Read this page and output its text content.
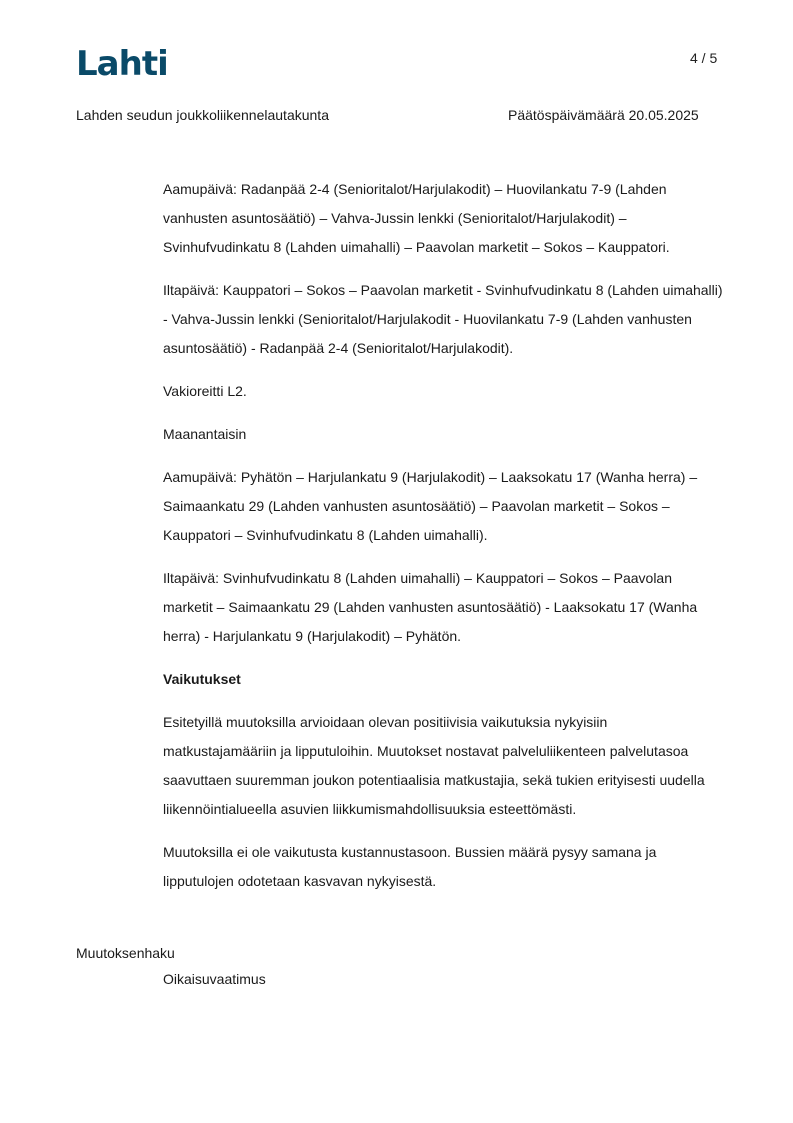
Lahti	4 / 5
Lahden seudun joukkoliikennelautakunta	Päätöspäivämäärä 20.05.2025

Aamupäivä: Radanpää 2-4 (Senioritalot/Harjulakodit) – Huovilankatu 7-9 (Lahden vanhusten asuntosäätiö) – Vahva-Jussin lenkki (Senioritalot/Harjulakodit) – Svinhufvudinkatu 8 (Lahden uimahalli) – Paavolan marketit – Sokos – Kauppatori.

Iltapäivä: Kauppatori – Sokos – Paavolan marketit - Svinhufvudinkatu 8 (Lahden uimahalli) - Vahva-Jussin lenkki (Senioritalot/Harjulakodit - Huovilankatu 7-9 (Lahden vanhusten asuntosäätiö) - Radanpää 2-4 (Senioritalot/Harjulakodit).

Vakioreitti L2.

Maanantaisin

Aamupäivä: Pyhätön – Harjulankatu 9 (Harjulakodit) – Laaksokatu 17 (Wanha herra) – Saimaankatu 29 (Lahden vanhusten asuntosäätiö) – Paavolan marketit – Sokos – Kauppatori – Svinhufvudinkatu 8 (Lahden uimahalli).

Iltapäivä: Svinhufvudinkatu 8 (Lahden uimahalli) – Kauppatori – Sokos – Paavolan marketit – Saimaankatu 29 (Lahden vanhusten asuntosäätiö) - Laaksokatu 17 (Wanha herra) - Harjulankatu 9 (Harjulakodit) – Pyhätön.

Vaikutukset

Esitetyillä muutoksilla arvioidaan olevan positiivisia vaikutuksia nykyisiin matkustajamääriin ja lipputuloihin. Muutokset nostavat palveluliikenteen palvelutasoa saavuttaen suuremman joukon potentiaalisia matkustajia, sekä tukien erityisesti uudella liikennöintialueella asuvien liikkumismahdollisuuksia esteettömästi.

Muutoksilla ei ole vaikutusta kustannustasoon. Bussien määrä pysyy samana ja lipputulojen odotetaan kasvavan nykyisestä.

Muutoksenhaku
Oikaisuvaatimus
